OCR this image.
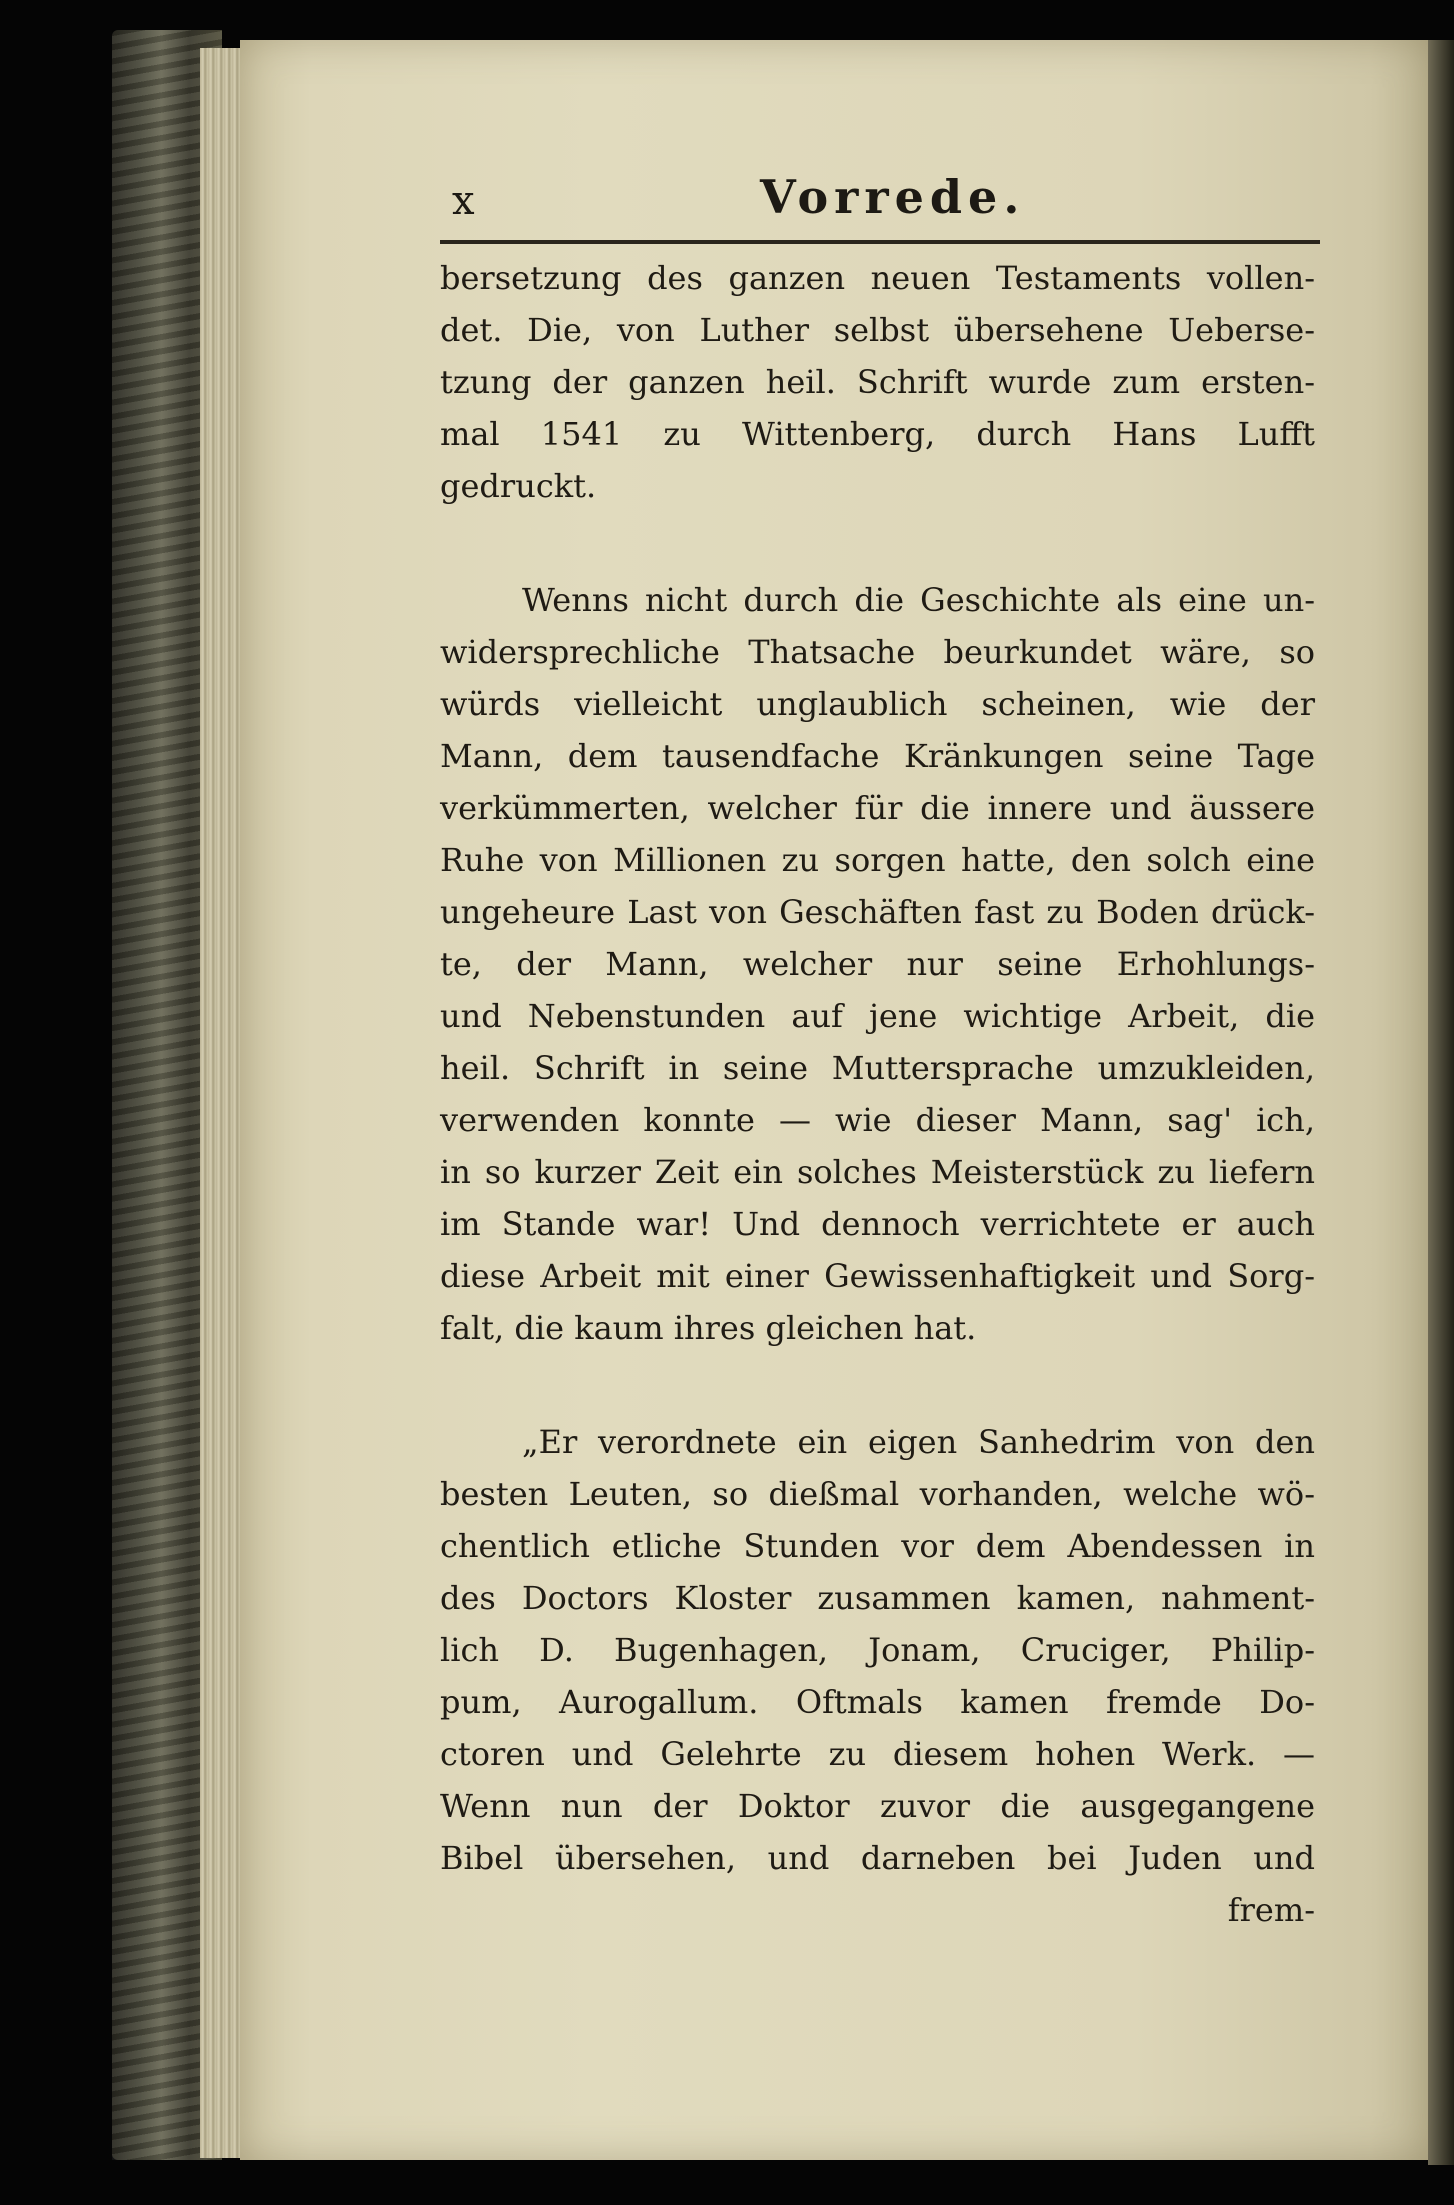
x	Vorrede.
bersetzung des ganzen neuen Testaments vollen-
det. Die, von Luther selbst übersehene Ueberse-
tzung der ganzen heil. Schrift wurde zum ersten-
mal 1541 zu Wittenberg, durch Hans Lufft
gedruckt.
Wenns nicht durch die Geschichte als eine un-
widersprechliche Thatsache beurkundet wäre, so
würds vielleicht unglaublich scheinen, wie der
Mann, dem tausendfache Kränkungen seine Tage
verkümmerten, welcher für die innere und äussere
Ruhe von Millionen zu sorgen hatte, den solch eine
ungeheure Last von Geschäften fast zu Boden drück-
te, der Mann, welcher nur seine Erhohlungs-
und Nebenstunden auf jene wichtige Arbeit, die
heil. Schrift in seine Muttersprache umzukleiden,
verwenden konnte — wie dieser Mann, sag' ich,
in so kurzer Zeit ein solches Meisterstück zu liefern
im Stande war! Und dennoch verrichtete er auch
diese Arbeit mit einer Gewissenhaftigkeit und Sorg-
falt, die kaum ihres gleichen hat.
„Er verordnete ein eigen Sanhedrim von den
besten Leuten, so dießmal vorhanden, welche wö-
chentlich etliche Stunden vor dem Abendessen in
des Doctors Kloster zusammen kamen, nahment-
lich D. Bugenhagen, Jonam, Cruciger, Philip-
pum, Aurogallum. Oftmals kamen fremde Do-
ctoren und Gelehrte zu diesem hohen Werk. —
Wenn nun der Doktor zuvor die ausgegangene
Bibel übersehen, und darneben bei Juden und
frem-
